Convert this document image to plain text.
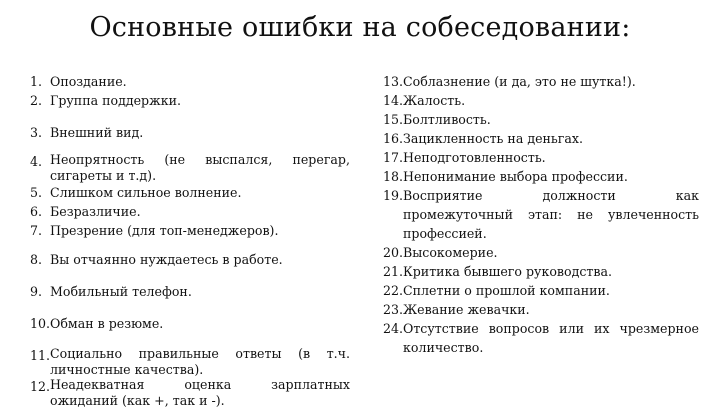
Основные ошибки на собеседовании:
1. Опоздание.
2. Группа поддержки.
3. Внешний вид.
4. Неопрятность (не выспался, перегар, сигареты и т.д).
5. Слишком сильное волнение.
6. Безразличие.
7. Презрение (для топ-менеджеров).
8. Вы отчаянно нуждаетесь в работе.
9. Мобильный телефон.
10. Обман в резюме.
11. Социально правильные ответы (в т.ч. личностные качества).
12. Неадекватная оценка зарплатных ожиданий (как +, так и -).
13. Соблазнение (и да, это не шутка!).
14. Жалость.
15. Болтливость.
16. Зацикленность на деньгах.
17. Неподготовленность.
18. Непонимание выбора профессии.
19. Восприятие должности как промежуточный этап: не увлеченность профессией.
20. Высокомерие.
21. Критика бывшего руководства.
22. Сплетни о прошлой компании.
23. Жевание жевачки.
24. Отсутствие вопросов или их чрезмерное количество.
